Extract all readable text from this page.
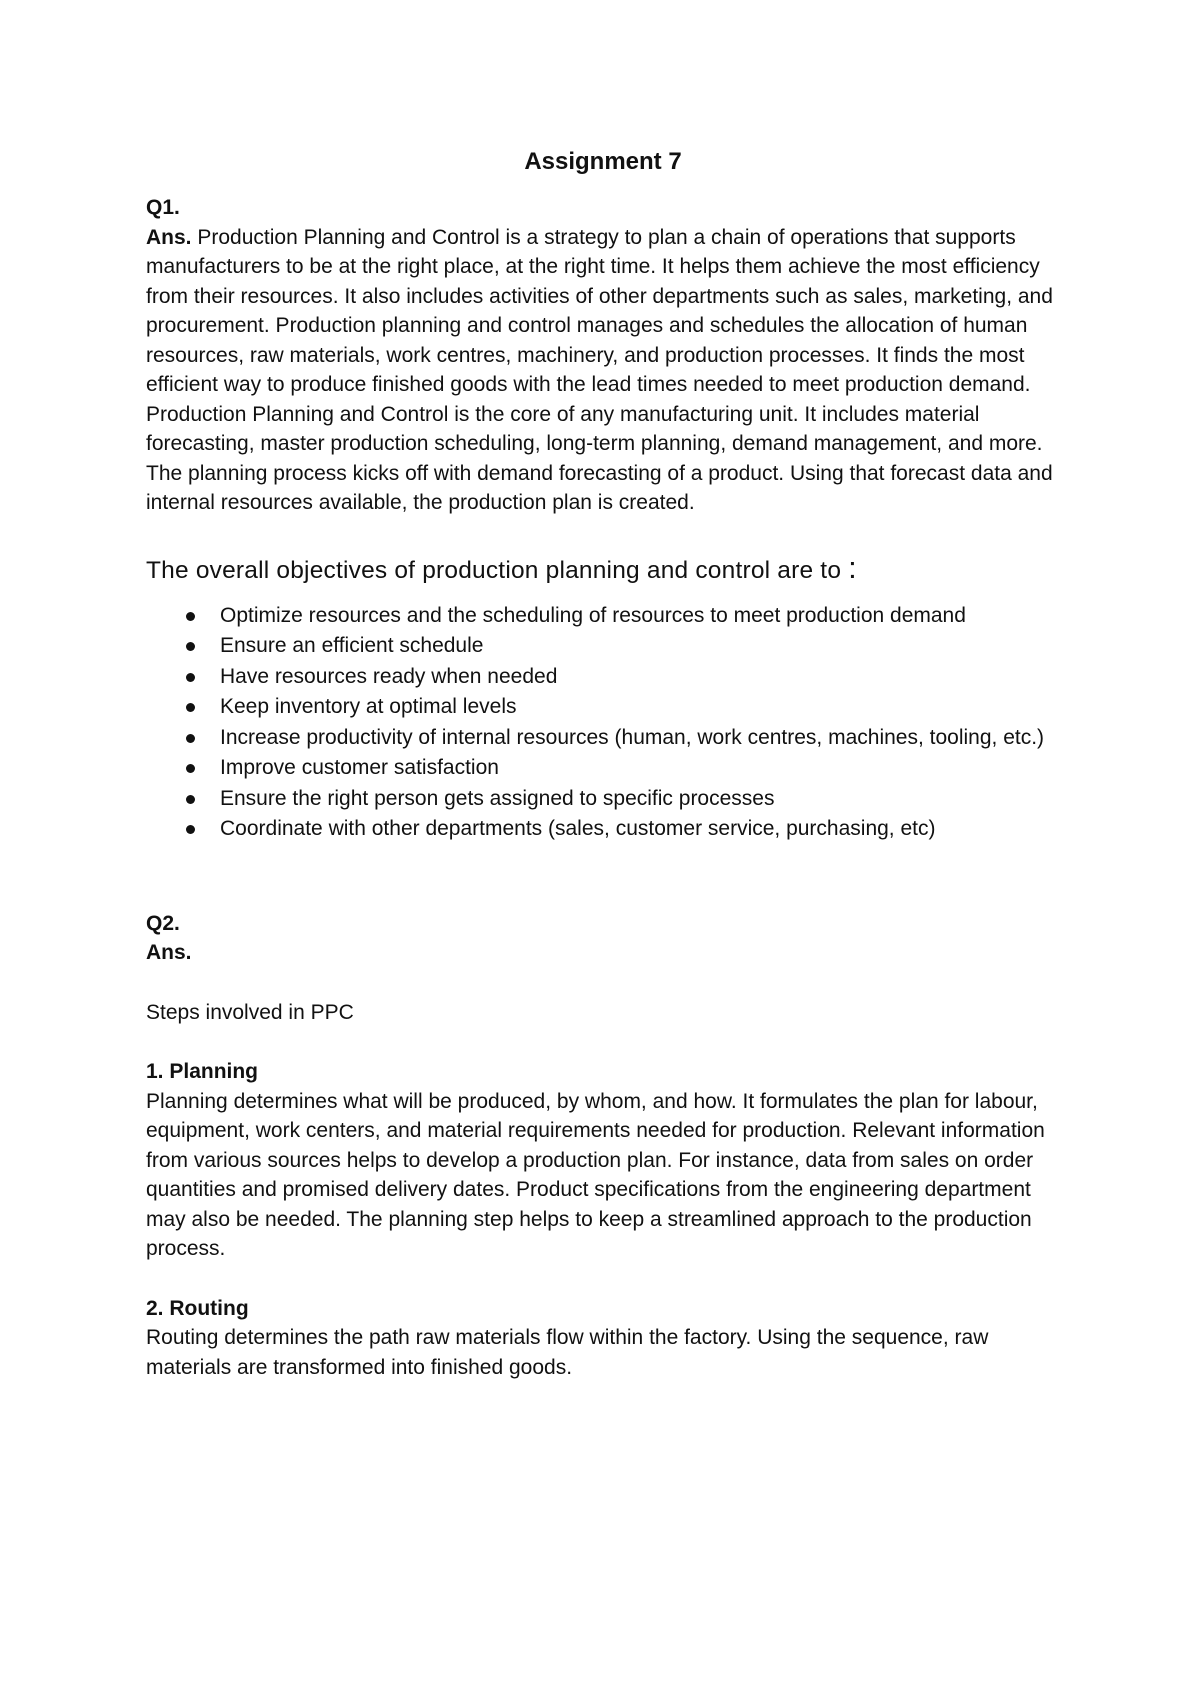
Assignment 7
Q1.

Ans. Production Planning and Control is a strategy to plan a chain of operations that supports manufacturers to be at the right place, at the right time. It helps them achieve the most efficiency from their resources. It also includes activities of other departments such as sales, marketing, and procurement. Production planning and control manages and schedules the allocation of human resources, raw materials, work centres, machinery, and production processes. It finds the most efficient way to produce finished goods with the lead times needed to meet production demand. Production Planning and Control is the core of any manufacturing unit. It includes material forecasting, master production scheduling, long-term planning, demand management, and more. The planning process kicks off with demand forecasting of a product. Using that forecast data and internal resources available, the production plan is created.

The overall objectives of production planning and control are to :
Optimize resources and the scheduling of resources to meet production demand
Ensure an efficient schedule
Have resources ready when needed
Keep inventory at optimal levels
Increase productivity of internal resources (human, work centres, machines, tooling, etc.)
Improve customer satisfaction
Ensure the right person gets assigned to specific processes
Coordinate with other departments (sales, customer service, purchasing, etc)
Q2.
Ans.

Steps involved in PPC

1. Planning

Planning determines what will be produced, by whom, and how. It formulates the plan for labour, equipment, work centers, and material requirements needed for production. Relevant information from various sources helps to develop a production plan. For instance, data from sales on order quantities and promised delivery dates. Product specifications from the engineering department may also be needed. The planning step helps to keep a streamlined approach to the production process.

2. Routing

Routing determines the path raw materials flow within the factory. Using the sequence, raw materials are transformed into finished goods.
